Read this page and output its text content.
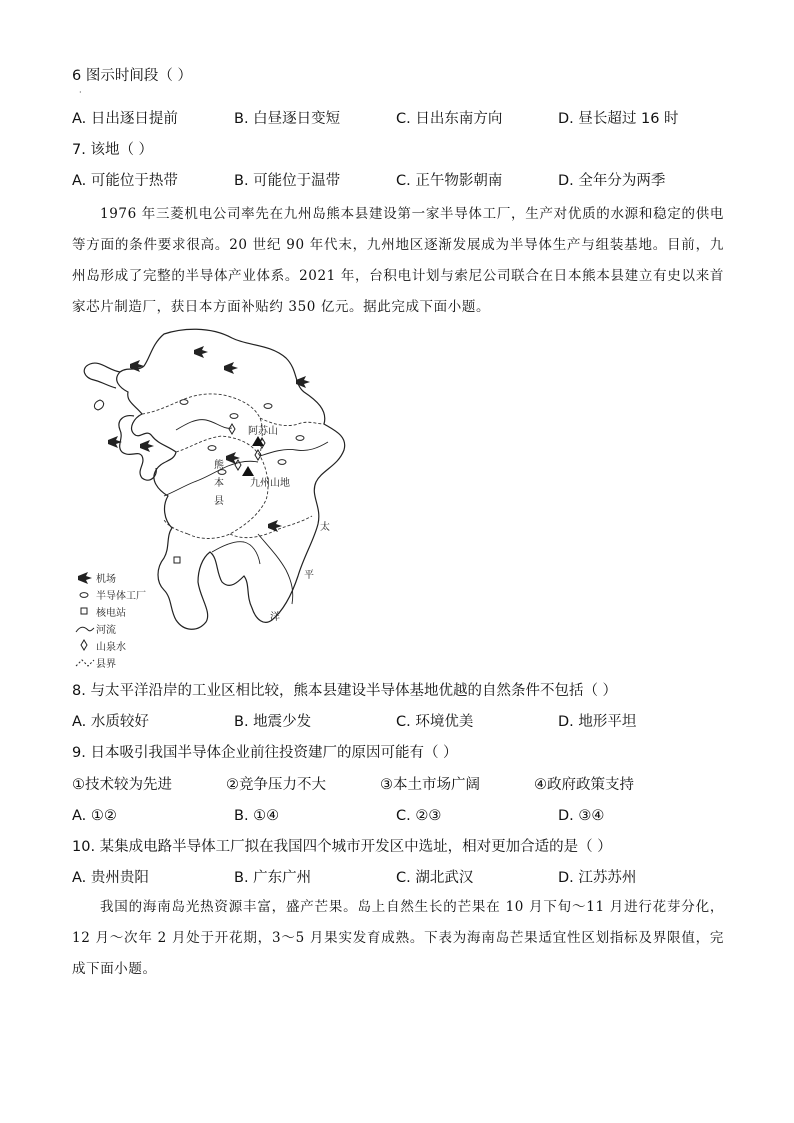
6 图示时间段（ ）
·
A. 日出逐日提前	B. 白昼逐日变短	C. 日出东南方向	D. 昼长超过 16 时
7. 该地（ ）
A. 可能位于热带	B. 可能位于温带	C. 正午物影朝南	D. 全年分为两季
1976 年三菱机电公司率先在九州岛熊本县建设第一家半导体工厂，生产对优质的水源和稳定的供电等方面的条件要求很高。20 世纪 90 年代末，九州地区逐渐发展成为半导体生产与组装基地。目前，九州岛形成了完整的半导体产业体系。2021 年，台积电计划与索尼公司联合在日本熊本县建立有史以来首家芯片制造厂，获日本方面补贴约 350 亿元。据此完成下面小题。
阿苏山
九州山地
熊
本
县
太
平
洋
机场
半导体工厂
核电站
河流
山泉水
县界
8. 与太平洋沿岸的工业区相比较，熊本县建设半导体基地优越的自然条件不包括（ ）
A. 水质较好	B. 地震少发	C. 环境优美	D. 地形平坦
9. 日本吸引我国半导体企业前往投资建厂的原因可能有（ ）
①技术较为先进	②竞争压力不大	③本土市场广阔	④政府政策支持
A. ①②	B. ①④	C. ②③	D. ③④
10. 某集成电路半导体工厂拟在我国四个城市开发区中选址，相对更加合适的是（ ）
A. 贵州贵阳	B. 广东广州	C. 湖北武汉	D. 江苏苏州
我国的海南岛光热资源丰富，盛产芒果。岛上自然生长的芒果在 10 月下旬～11 月进行花芽分化，12 月～次年 2 月处于开花期，3～5 月果实发育成熟。下表为海南岛芒果适宜性区划指标及界限值，完成下面小题。
